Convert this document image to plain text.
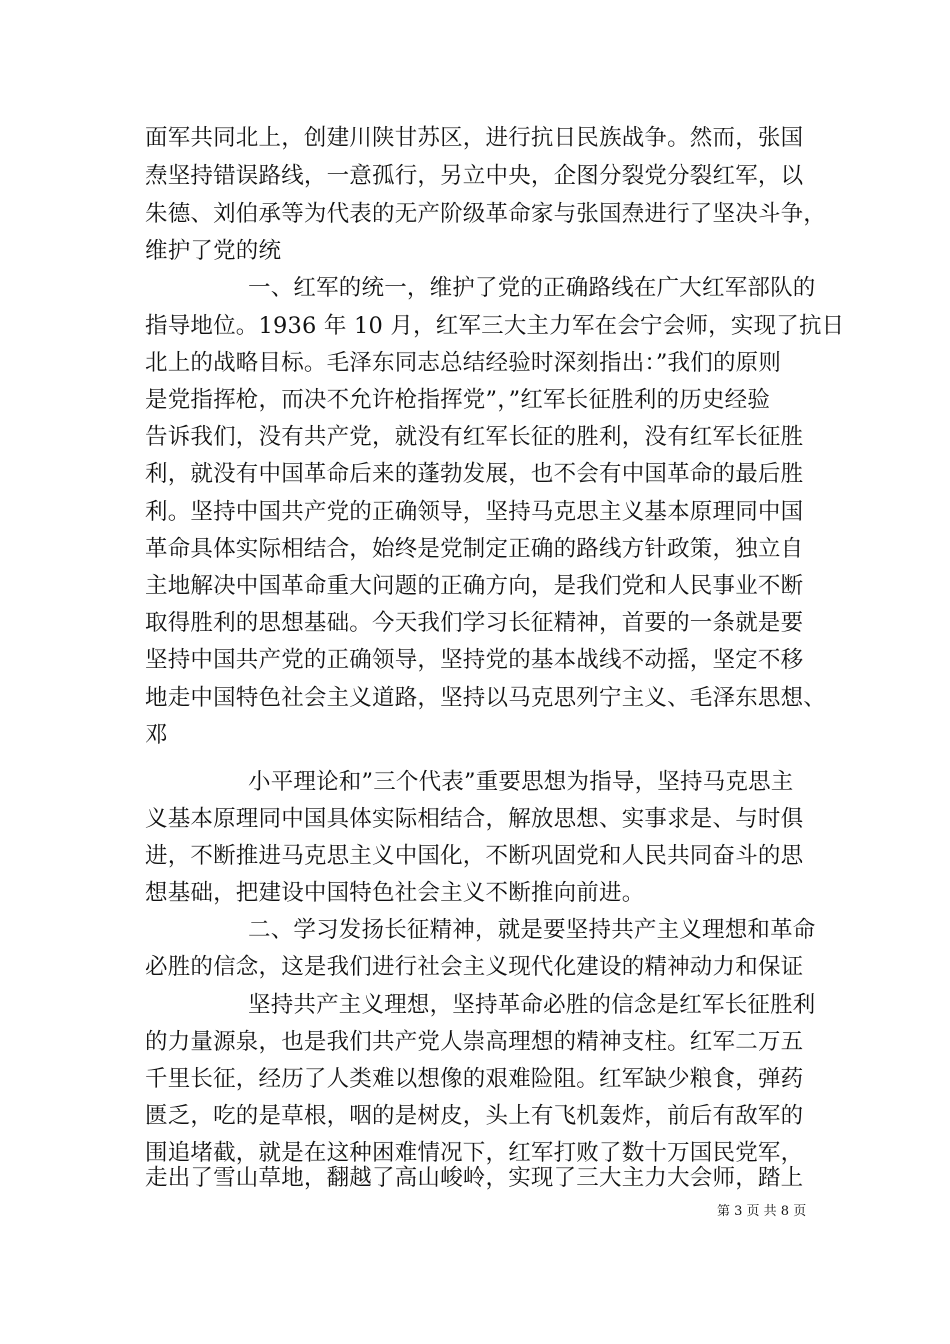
面军共同北上，创建川陕甘苏区，进行抗日民族战争。然而，张国
焘坚持错误路线，一意孤行，另立中央，企图分裂党分裂红军，以
朱德、刘伯承等为代表的无产阶级革命家与张国焘进行了坚决斗争，
维护了党的统
一、红军的统一，维护了党的正确路线在广大红军部队的
指导地位。1936 年 10 月，红军三大主力军在会宁会师，实现了抗日
北上的战略目标。毛泽东同志总结经验时深刻指出：”我们的原则
是党指挥枪，而决不允许枪指挥党”，”红军长征胜利的历史经验
告诉我们，没有共产党，就没有红军长征的胜利，没有红军长征胜
利，就没有中国革命后来的蓬勃发展，也不会有中国革命的最后胜
利。坚持中国共产党的正确领导，坚持马克思主义基本原理同中国
革命具体实际相结合，始终是党制定正确的路线方针政策，独立自
主地解决中国革命重大问题的正确方向，是我们党和人民事业不断
取得胜利的思想基础。今天我们学习长征精神，首要的一条就是要
坚持中国共产党的正确领导，坚持党的基本战线不动摇，坚定不移
地走中国特色社会主义道路，坚持以马克思列宁主义、毛泽东思想、
邓
小平理论和”三个代表”重要思想为指导，坚持马克思主
义基本原理同中国具体实际相结合，解放思想、实事求是、与时俱
进，不断推进马克思主义中国化，不断巩固党和人民共同奋斗的思
想基础，把建设中国特色社会主义不断推向前进。
二、学习发扬长征精神，就是要坚持共产主义理想和革命
必胜的信念，这是我们进行社会主义现代化建设的精神动力和保证
坚持共产主义理想，坚持革命必胜的信念是红军长征胜利
的力量源泉，也是我们共产党人崇高理想的精神支柱。红军二万五
千里长征，经历了人类难以想像的艰难险阻。红军缺少粮食，弹药
匮乏，吃的是草根，咽的是树皮，头上有飞机轰炸，前后有敌军的
围追堵截，就是在这种困难情况下，红军打败了数十万国民党军，
走出了雪山草地，翻越了高山峻岭，实现了三大主力大会师，踏上
第 3 页 共 8 页
